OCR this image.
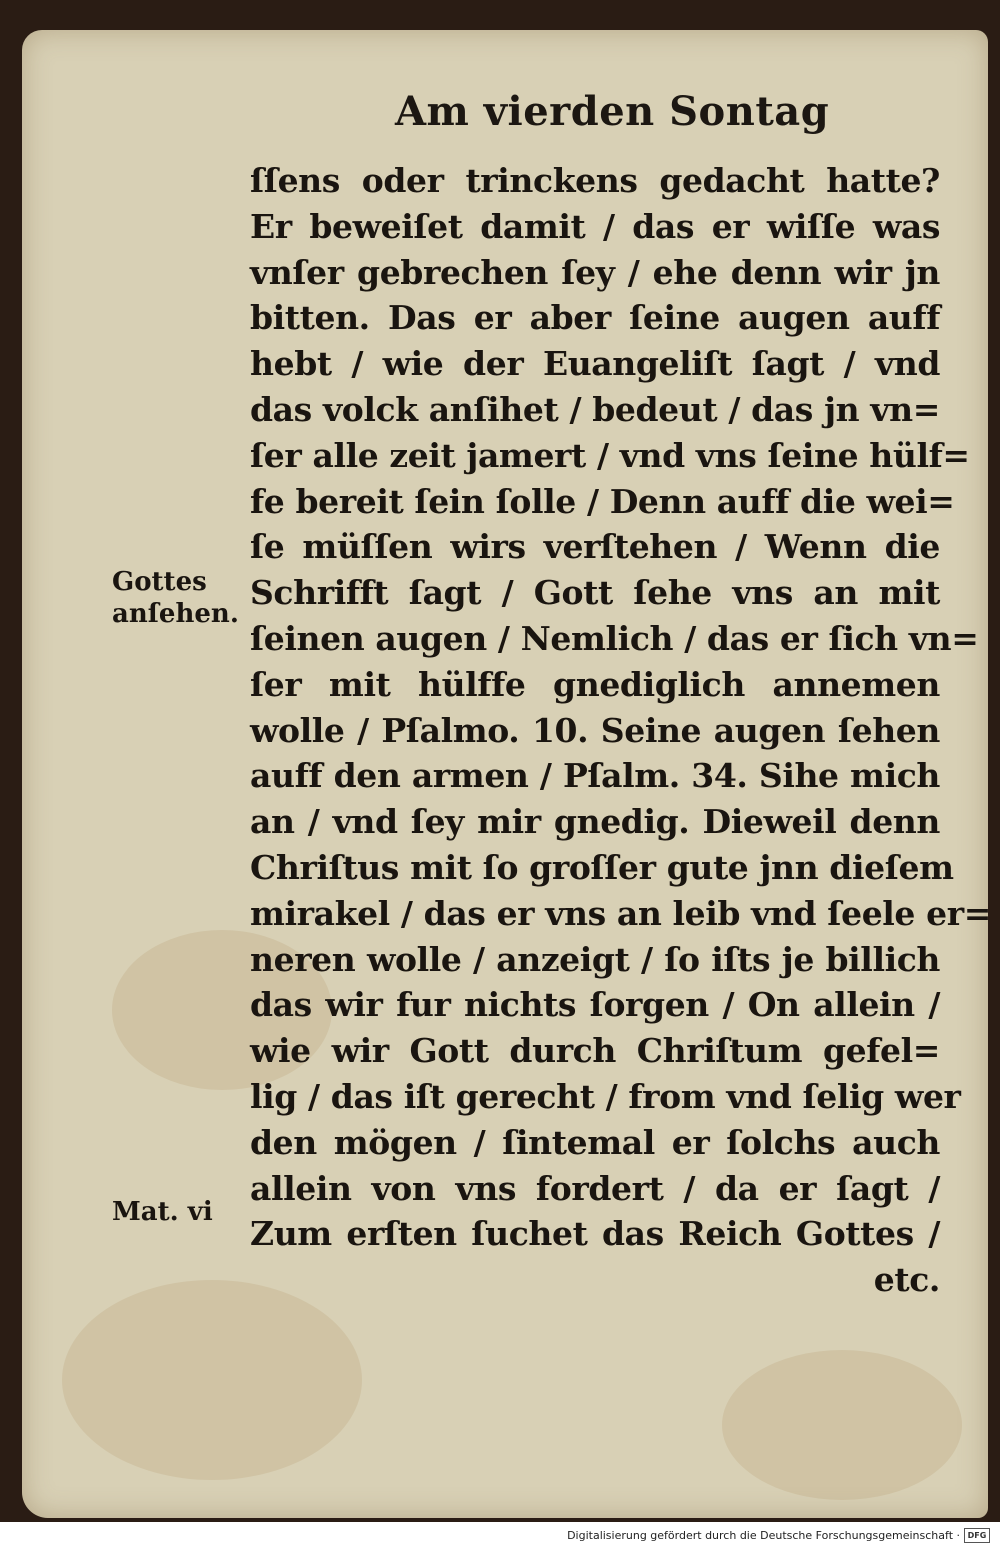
Am vierden Sontag
Gottes
anſehen.
Mat. vi
ſſens oder trinckens gedacht hatte?
Er beweiſet damit / das er wiſſe was
vnſer gebrechen ſey / ehe denn wir jn
bitten. Das er aber ſeine augen auff
hebt / wie der Euangeliſt ſagt / vnd
das volck anſihet / bedeut / das jn vn=
ſer alle zeit jamert / vnd vns ſeine hülf=
fe bereit ſein ſolle / Denn auff die wei=
ſe müſſen wirs verſtehen / Wenn die
Schrifft ſagt / Gott ſehe vns an mit
ſeinen augen / Nemlich / das er ſich vn=
ſer mit hülffe gnediglich annemen
wolle / Pſalmo. 10. Seine augen ſehen
auff den armen / Pſalm. 34. Sihe mich
an / vnd ſey mir gnedig. Dieweil denn
Chriſtus mit ſo groſſer gute jnn dieſem
mirakel / das er vns an leib vnd ſeele er=
neren wolle / anzeigt / ſo iſts je billich
das wir fur nichts ſorgen / On allein /
wie wir Gott durch Chriſtum gefel=
lig / das iſt gerecht / from vnd ſelig wer
den mögen / ſintemal er ſolchs auch
allein von vns fordert / da er ſagt /
Zum erſten ſuchet das Reich Gottes /
etc.
Digitalisierung gefördert durch die Deutsche Forschungsgemeinschaft · DFG
